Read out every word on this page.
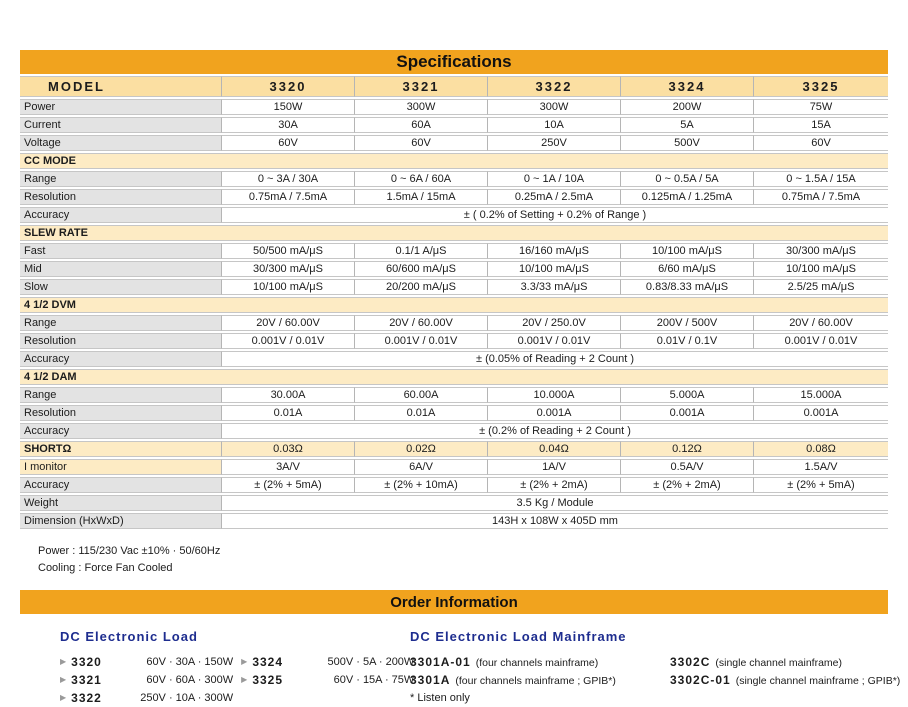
Specifications
MODEL	3320	3321	3322	3324	3325
Power	150W	300W	300W	200W	75W
Current	30A	60A	10A	5A	15A
Voltage	60V	60V	250V	500V	60V
CC MODE					
Range	0 ~ 3A / 30A	0 ~ 6A / 60A	0 ~ 1A / 10A	0 ~ 0.5A / 5A	0 ~ 1.5A / 15A
Resolution	0.75mA / 7.5mA	1.5mA / 15mA	0.25mA / 2.5mA	0.125mA / 1.25mA	0.75mA / 7.5mA
Accuracy	± ( 0.2% of Setting + 0.2% of Range )				
SLEW RATE					
Fast	50/500 mA/μS	0.1/1 A/μS	16/160 mA/μS	10/100 mA/μS	30/300 mA/μS
Mid	30/300 mA/μS	60/600 mA/μS	10/100 mA/μS	6/60 mA/μS	10/100 mA/μS
Slow	10/100 mA/μS	20/200 mA/μS	3.3/33 mA/μS	0.83/8.33 mA/μS	2.5/25 mA/μS
4 1/2 DVM					
Range	20V / 60.00V	20V / 60.00V	20V / 250.0V	200V / 500V	20V / 60.00V
Resolution	0.001V / 0.01V	0.001V / 0.01V	0.001V / 0.01V	0.01V / 0.1V	0.001V / 0.01V
Accuracy	± (0.05% of Reading + 2 Count )				
4 1/2 DAM					
Range	30.00A	60.00A	10.000A	5.000A	15.000A
Resolution	0.01A	0.01A	0.001A	0.001A	0.001A
Accuracy	± (0.2% of Reading + 2 Count )				
SHORTΩ	0.03Ω	0.02Ω	0.04Ω	0.12Ω	0.08Ω
I monitor	3A/V	6A/V	1A/V	0.5A/V	1.5A/V
Accuracy	± (2% + 5mA)	± (2% + 10mA)	± (2% + 2mA)	± (2% + 2mA)	± (2% + 5mA)
Weight	3.5 Kg / Module				
Dimension (HxWxD)	143H x 108W x 405D mm				
Power : 115/230 Vac ±10% · 50/60Hz
Cooling : Force Fan Cooled
Order Information
DC Electronic Load
▶ 3320	60V · 30A · 150W
▶ 3321	60V · 60A · 300W
▶ 3322	250V · 10A · 300W
▶ 3324	500V · 5A · 200W
▶ 3325	60V · 15A · 75W
DC Electronic Load Mainframe
3301A-01 (four channels mainframe)
3301A (four channels mainframe ; GPIB*)
3302C (single channel mainframe)
3302C-01 (single channel mainframe ; GPIB*)
* Listen only
